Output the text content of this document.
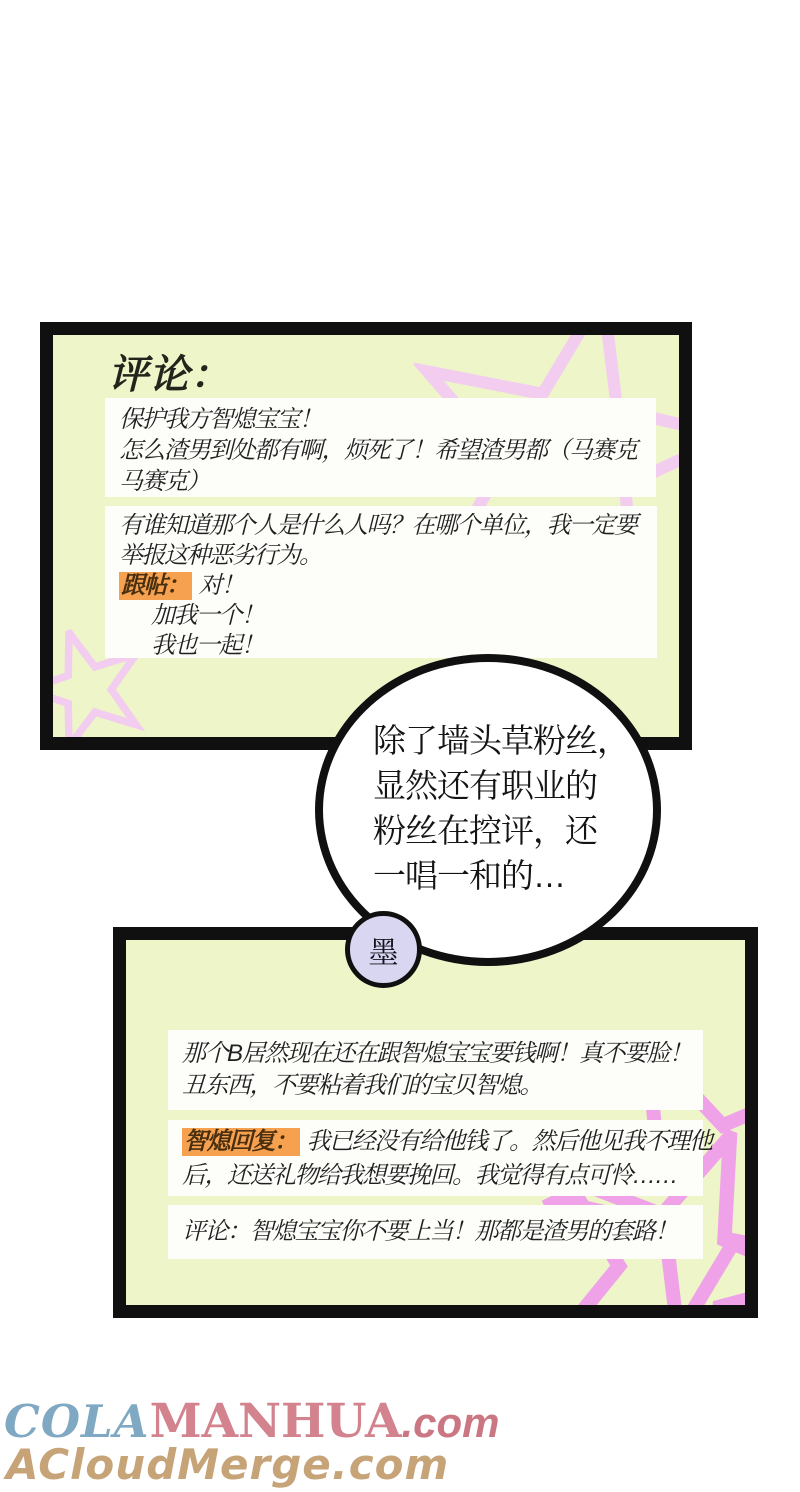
评论：

保护我方智熄宝宝！

怎么渣男到处都有啊，烦死了！希望渣男都（马赛克

马赛克）

有谁知道那个人是什么人吗？在哪个单位，我一定要

举报这种恶劣行为。

跟帖： 对！

加我一个！

我也一起！

那个B居然现在还在跟智熄宝宝要钱啊！真不要脸！

丑东西，不要粘着我们的宝贝智熄。

智熄回复： 我已经没有给他钱了。然后他见我不理他

后，还送礼物给我想要挽回。我觉得有点可怜……

评论：智熄宝宝你不要上当！那都是渣男的套路！

除了墙头草粉丝，

显然还有职业的

粉丝在控评，还

一唱一和的…

墨
COLAMANHUA.com
ACloudMerge.com
